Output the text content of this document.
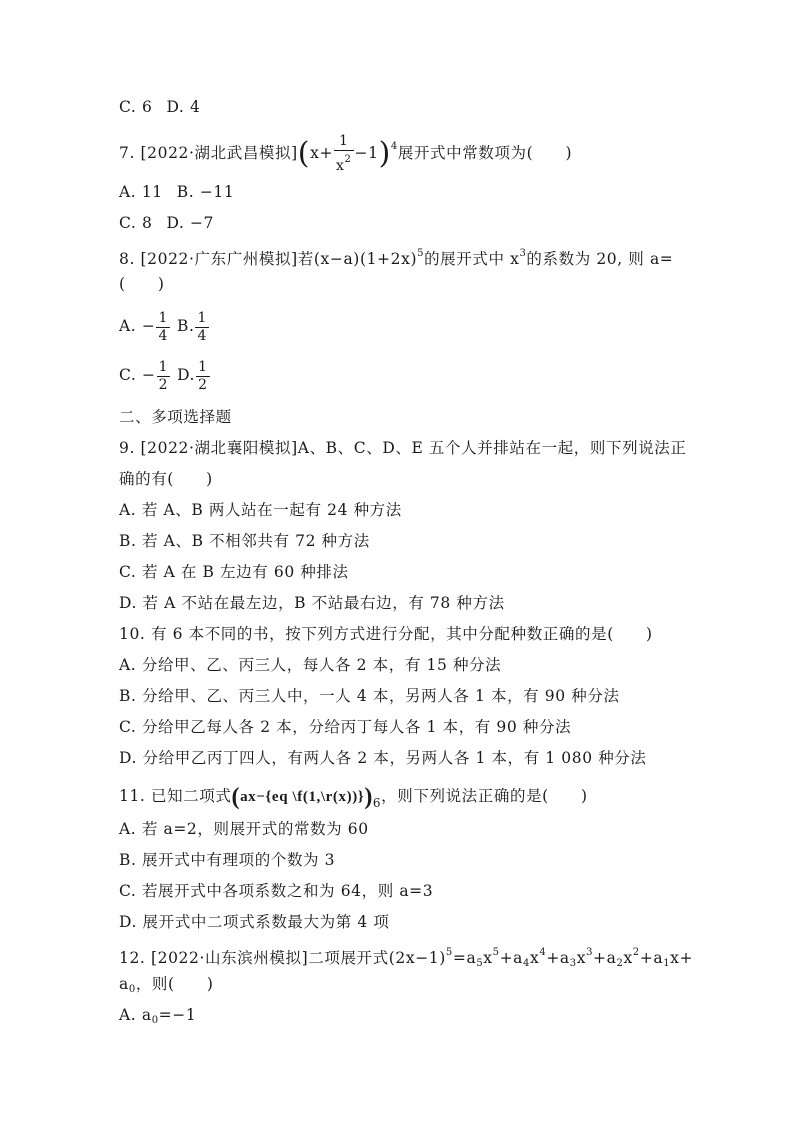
C. 6 D. 4
7. [2022·湖北武昌模拟]$(x+ \frac{1}{x^2} -1)^4$展开式中常数项为(　　)
A. 11 B. −11
C. 8 D. −7
8. [2022·广东广州模拟]若$(x-a)(1+2x)^5$的展开式中 $x^3$的系数为 20, 则 a=
(　　)
A. − $\frac{1}{4} B$. $\frac{1}{4}$
C. − $\frac{1}{2} D$. $\frac{1}{2}$
二、多项选择题
9. [2022·湖北襄阳模拟]A、B、C、D、E 五个人并排站在一起，则下列说法正
确的有(　　)
A. 若 A、B 两人站在一起有 24 种方法
B. 若 A、B 不相邻共有 72 种方法
C. 若 A 在 B 左边有 60 种排法
D. 若 A 不站在最左边，B 不站最右边，有 78 种方法
10. 有 6 本不同的书，按下列方式进行分配，其中分配种数正确的是(　　)
A. 分给甲、乙、丙三人，每人各 2 本，有 15 种分法
B. 分给甲、乙、丙三人中，一人 4 本，另两人各 1 本，有 90 种分法
C. 分给甲乙每人各 2 本，分给丙丁每人各 1 本，有 90 种分法
D. 分给甲乙丙丁四人，有两人各 2 本，另两人各 1 本，有 1 080 种分法
11. 已知二项式(ax−{eq $\backslash f(1,\backslash r(x))\})_6$，则下列说法正确的是(　　)
A. 若 a=2，则展开式的常数为 60
B. 展开式中有理项的个数为 3
C. 若展开式中各项系数之和为 64，则 a=3
D. 展开式中二项式系数最大为第 4 项
12. [2022·山东滨州模拟]二项展开式$(2x-1)^5=a_5x^5+a_4x^4+a_3x^3+a_2x^2+a_1x+$
$a_0$，则(　　)
A. $a_0=-1$
